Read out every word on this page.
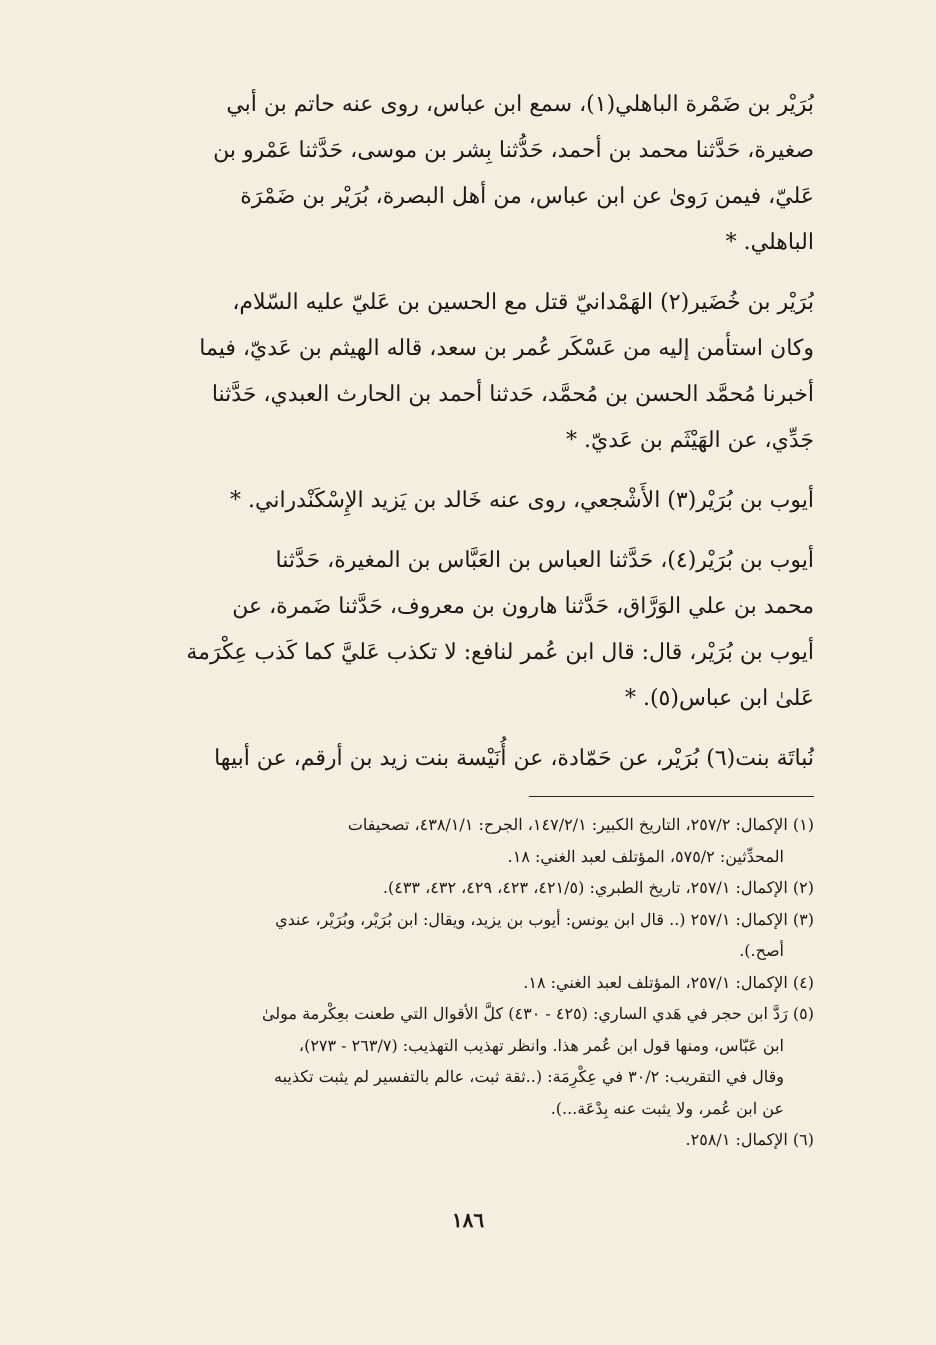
بُرَيْر بن ضَمْرة الباهلي(١)، سمع ابن عباس، روى عنه حاتم بن أبي
صغيرة، حَدَّثنا محمد بن أحمد، حَدُّثنا بِشر بن موسى، حَدَّثنا عَمْرو بن
عَليّ، فيمن رَوىٰ عن ابن عباس، من أهل البصرة، بُرَيْر بن ضَمْرَة
الباهلي. *
بُرَيْر بن خُضَير(٢) الهَمْدانيّ قتل مع الحسين بن عَليّ عليه السّلام،
وكان استأمن إليه من عَسْكَر عُمر بن سعد، قاله الهيثم بن عَديّ، فيما
أخبرنا مُحمَّد الحسن بن مُحمَّد، حَدثنا أحمد بن الحارث العبدي، حَدَّثنا
جَدِّي، عن الهَيْثَم بن عَديّ. *
أيوب بن بُرَيْر(٣) الأَشْجعي، روى عنه خَالد بن يَزيد الإِسْكَنْدراني. *
أيوب بن بُرَيْر(٤)، حَدَّثنا العباس بن العَبَّاس بن المغيرة، حَدَّثنا
محمد بن علي الوَرَّاق، حَدَّثنا هارون بن معروف، حَدَّثنا ضَمرة، عن
أيوب بن بُرَيْر، قال: قال ابن عُمر لنافع: لا تكذب عَليَّ كما كَذب عِكْرَمة
عَلىٰ ابن عباس(٥). *
نُباتَة بنت(٦) بُرَيْر، عن حَمّادة، عن أُنَيْسة بنت زيد بن أرقم، عن أبيها
(١) الإكمال: ٢٥٧/٢، التاريخ الكبير: ١٤٧/٢/١، الجرح: ٤٣٨/١/١، تصحيفات
المحدِّثين: ٥٧٥/٢، المؤتلف لعبد الغني: ١٨.
(٢) الإكمال: ٢٥٧/١، تاريخ الطبري: (٤٢١/٥، ٤٢٣، ٤٢٩، ٤٣٢، ٤٣٣).
(٣) الإكمال: ٢٥٧/١ (.. قال ابن يونس: أيوب بن يزيد، ويقال: ابن بُرَيْر، وبُرَيْر، عندي
أصح.).
(٤) الإكمال: ٢٥٧/١، المؤتلف لعبد الغني: ١٨.
(٥) رَدَّ ابن حجر في هَدي الساري: (٤٢٥ - ٤٣٠) كلَّ الأقوال التي طعنت بعِكْرمة مولىٰ
ابن عَبّاس، ومنها قول ابن عُمر هذا. وانظر تهذيب التهذيب: (٢٦٣/٧ - ٢٧٣)،
وقال في التقريب: ٣٠/٢ في عِكْرِمَة: (..ثقة ثبت، عالم بالتفسير لم يثبت تكذيبه
عن ابن عُمر، ولا يثبت عنه بِدْعَة...).
(٦) الإكمال: ٢٥٨/١.
١٨٦
